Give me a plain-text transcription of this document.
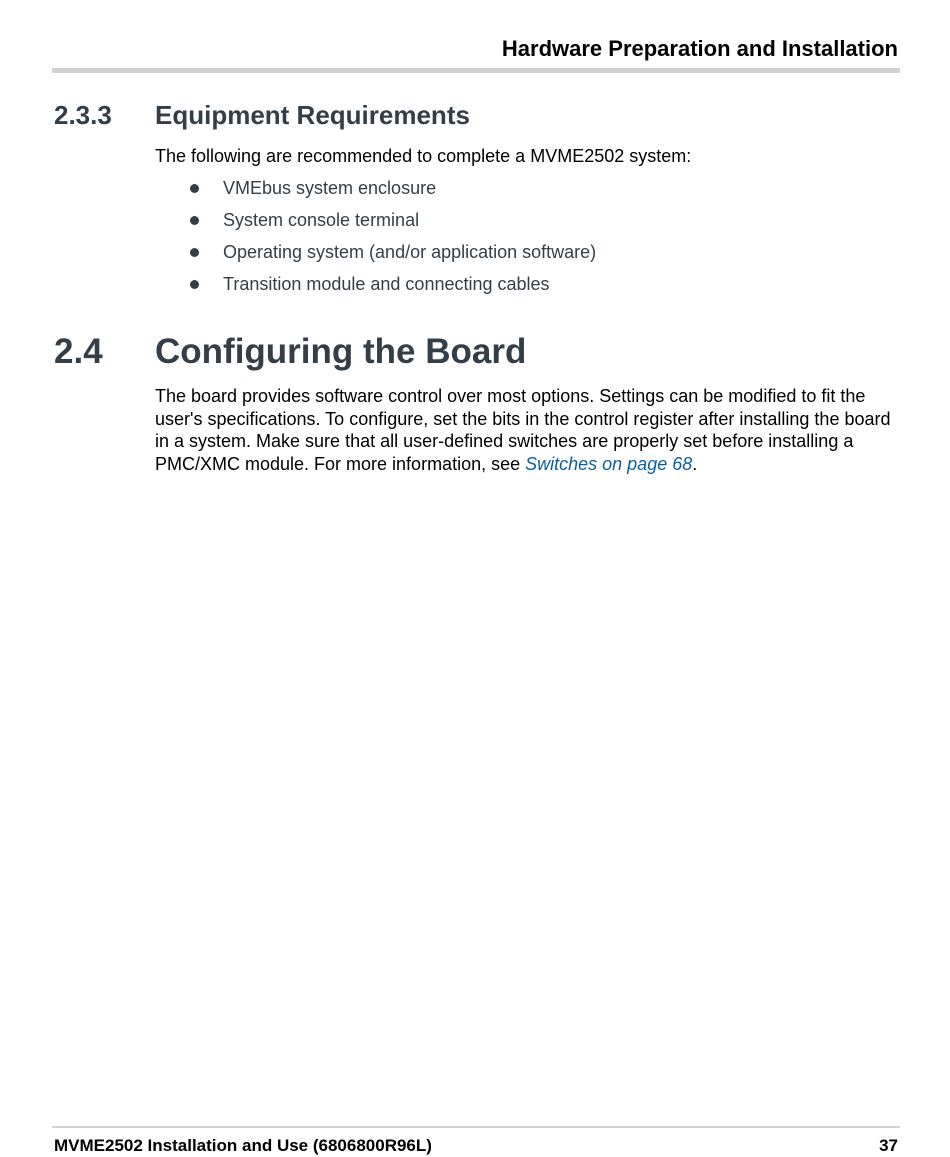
Hardware Preparation and Installation
2.3.3 Equipment Requirements
The following are recommended to complete a MVME2502 system:
VMEbus system enclosure
System console terminal
Operating system (and/or application software)
Transition module and connecting cables
2.4 Configuring the Board

The board provides software control over most options. Settings can be modified to fit the user's specifications. To configure, set the bits in the control register after installing the board in a system. Make sure that all user-defined switches are properly set before installing a PMC/XMC module. For more information, see Switches on page 68.

MVME2502 Installation and Use (6806800R96L)	37
